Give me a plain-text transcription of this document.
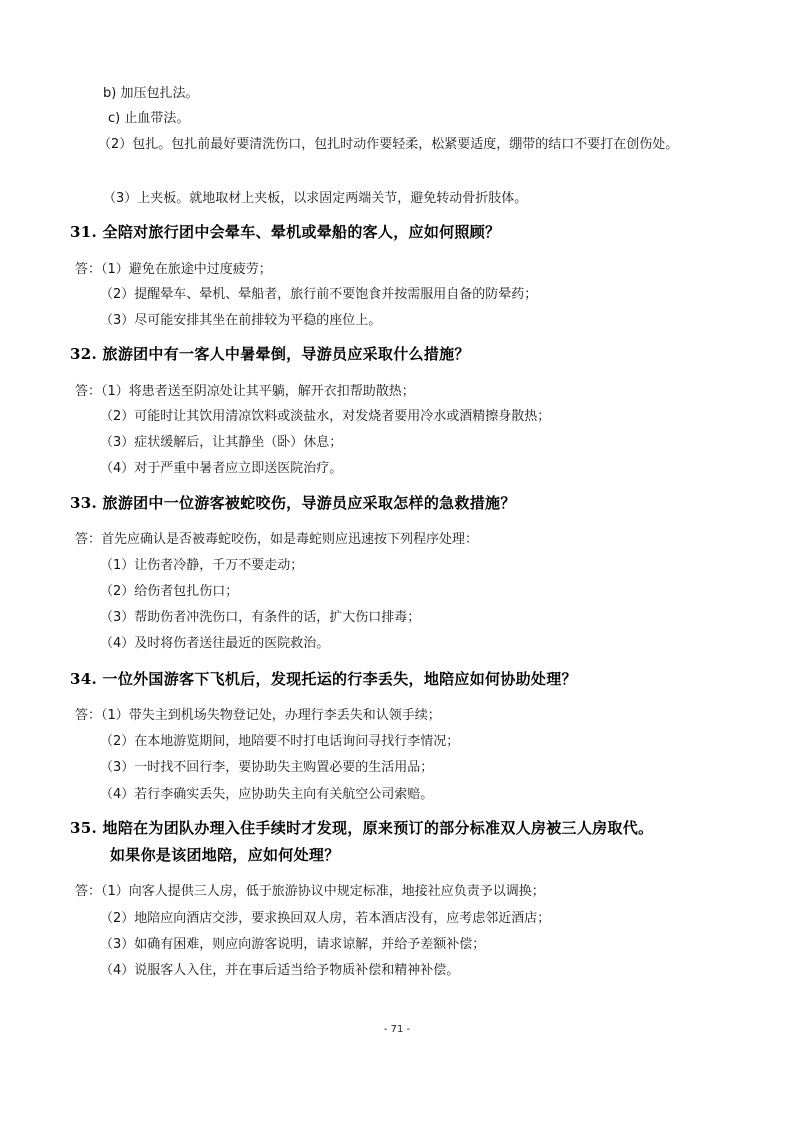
b) 加压包扎法。
c) 止血带法。
（2）包扎。包扎前最好要清洗伤口，包扎时动作要轻柔，松紧要适度，绷带的结口不要打在创伤处。
（3）上夹板。就地取材上夹板，以求固定两端关节，避免转动骨折肢体。
31. 全陪对旅行团中会晕车、晕机或晕船的客人，应如何照顾？
答：（1）避免在旅途中过度疲劳；
（2）提醒晕车、晕机、晕船者，旅行前不要饱食并按需服用自备的防晕药；
（3）尽可能安排其坐在前排较为平稳的座位上。
32. 旅游团中有一客人中暑晕倒，导游员应采取什么措施？
答：（1）将患者送至阴凉处让其平躺，解开衣扣帮助散热；
（2）可能时让其饮用清凉饮料或淡盐水，对发烧者要用冷水或酒精擦身散热；
（3）症状缓解后，让其静坐（卧）休息；
（4）对于严重中暑者应立即送医院治疗。
33. 旅游团中一位游客被蛇咬伤，导游员应采取怎样的急救措施？
答：首先应确认是否被毒蛇咬伤，如是毒蛇则应迅速按下列程序处理：
（1）让伤者冷静，千万不要走动；
（2）给伤者包扎伤口；
（3）帮助伤者冲洗伤口，有条件的话，扩大伤口排毒；
（4）及时将伤者送往最近的医院救治。
34. 一位外国游客下飞机后，发现托运的行李丢失，地陪应如何协助处理？
答：（1）带失主到机场失物登记处，办理行李丢失和认领手续；
（2）在本地游览期间，地陪要不时打电话询问寻找行李情况；
（3）一时找不回行李，要协助失主购置必要的生活用品；
（4）若行李确实丢失，应协助失主向有关航空公司索赔。
35. 地陪在为团队办理入住手续时才发现，原来预订的部分标准双人房被三人房取代。
如果你是该团地陪，应如何处理？
答：（1）向客人提供三人房，低于旅游协议中规定标准，地接社应负责予以调换；
（2）地陪应向酒店交涉，要求换回双人房，若本酒店没有，应考虑邻近酒店；
（3）如确有困难，则应向游客说明，请求谅解，并给予差额补偿；
（4）说服客人入住，并在事后适当给予物质补偿和精神补偿。
- 71 -
